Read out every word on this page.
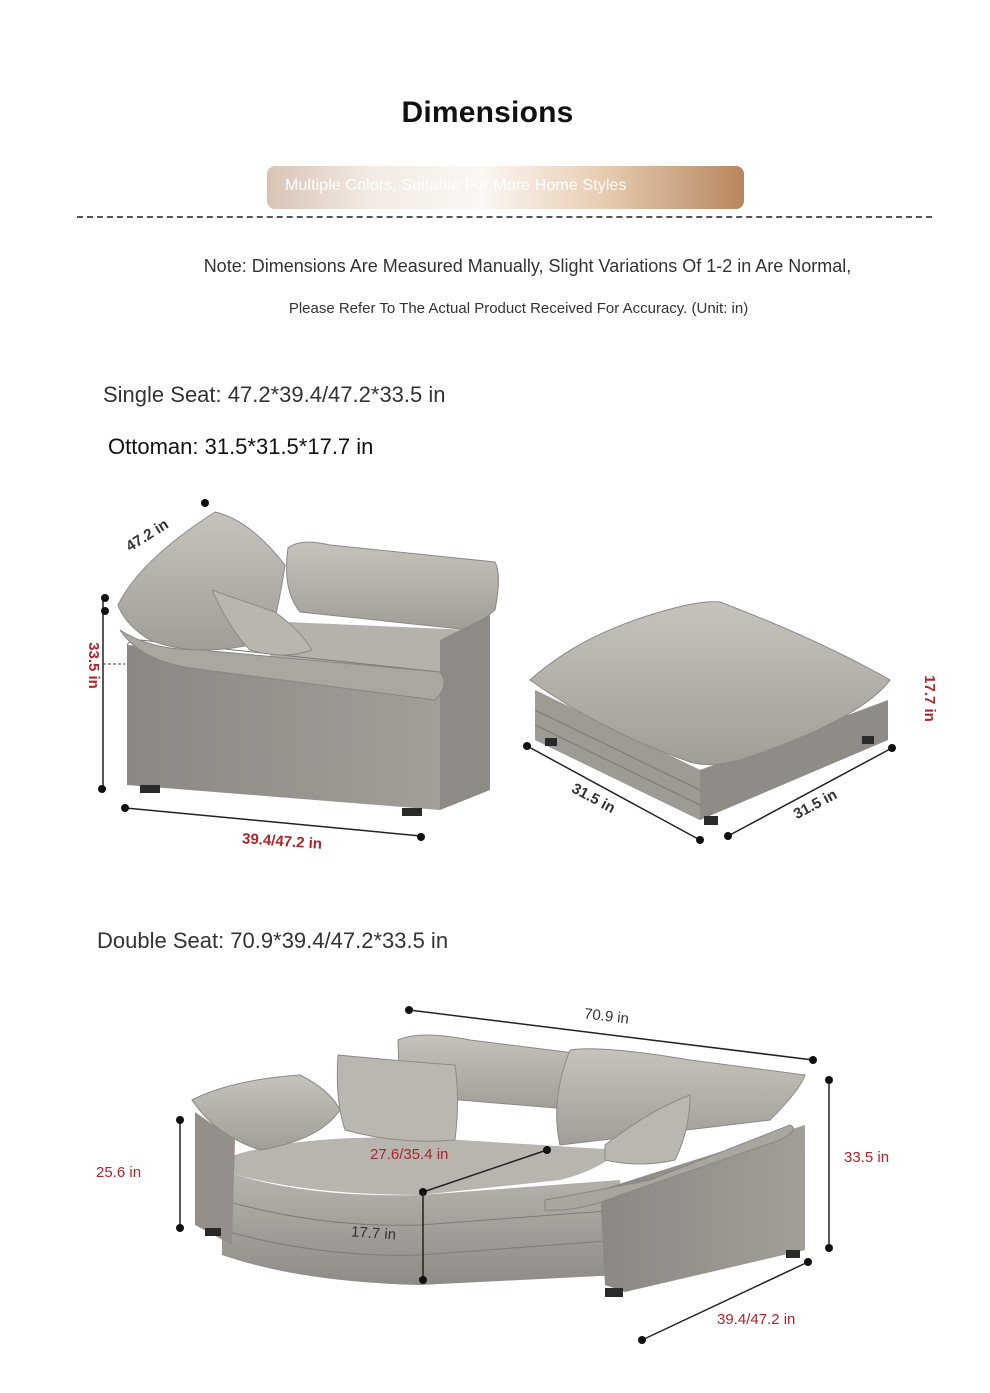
Dimensions
Multiple Colors, Suitable For More Home Styles
Note: Dimensions Are Measured Manually, Slight Variations Of 1-2 in Are Normal,
Please Refer To The Actual Product Received For Accuracy. (Unit: in)
Single Seat: 47.2*39.4/47.2*33.5 in
Ottoman: 31.5*31.5*17.7 in
Double Seat: 70.9*39.4/47.2*33.5 in
47.2 in
33.5 in
39.4/47.2 in
17.7 in
31.5 in	31.5 in
70.9 in
25.6 in
27.6/35.4 in
17.7 in
33.5 in
39.4/47.2 in
